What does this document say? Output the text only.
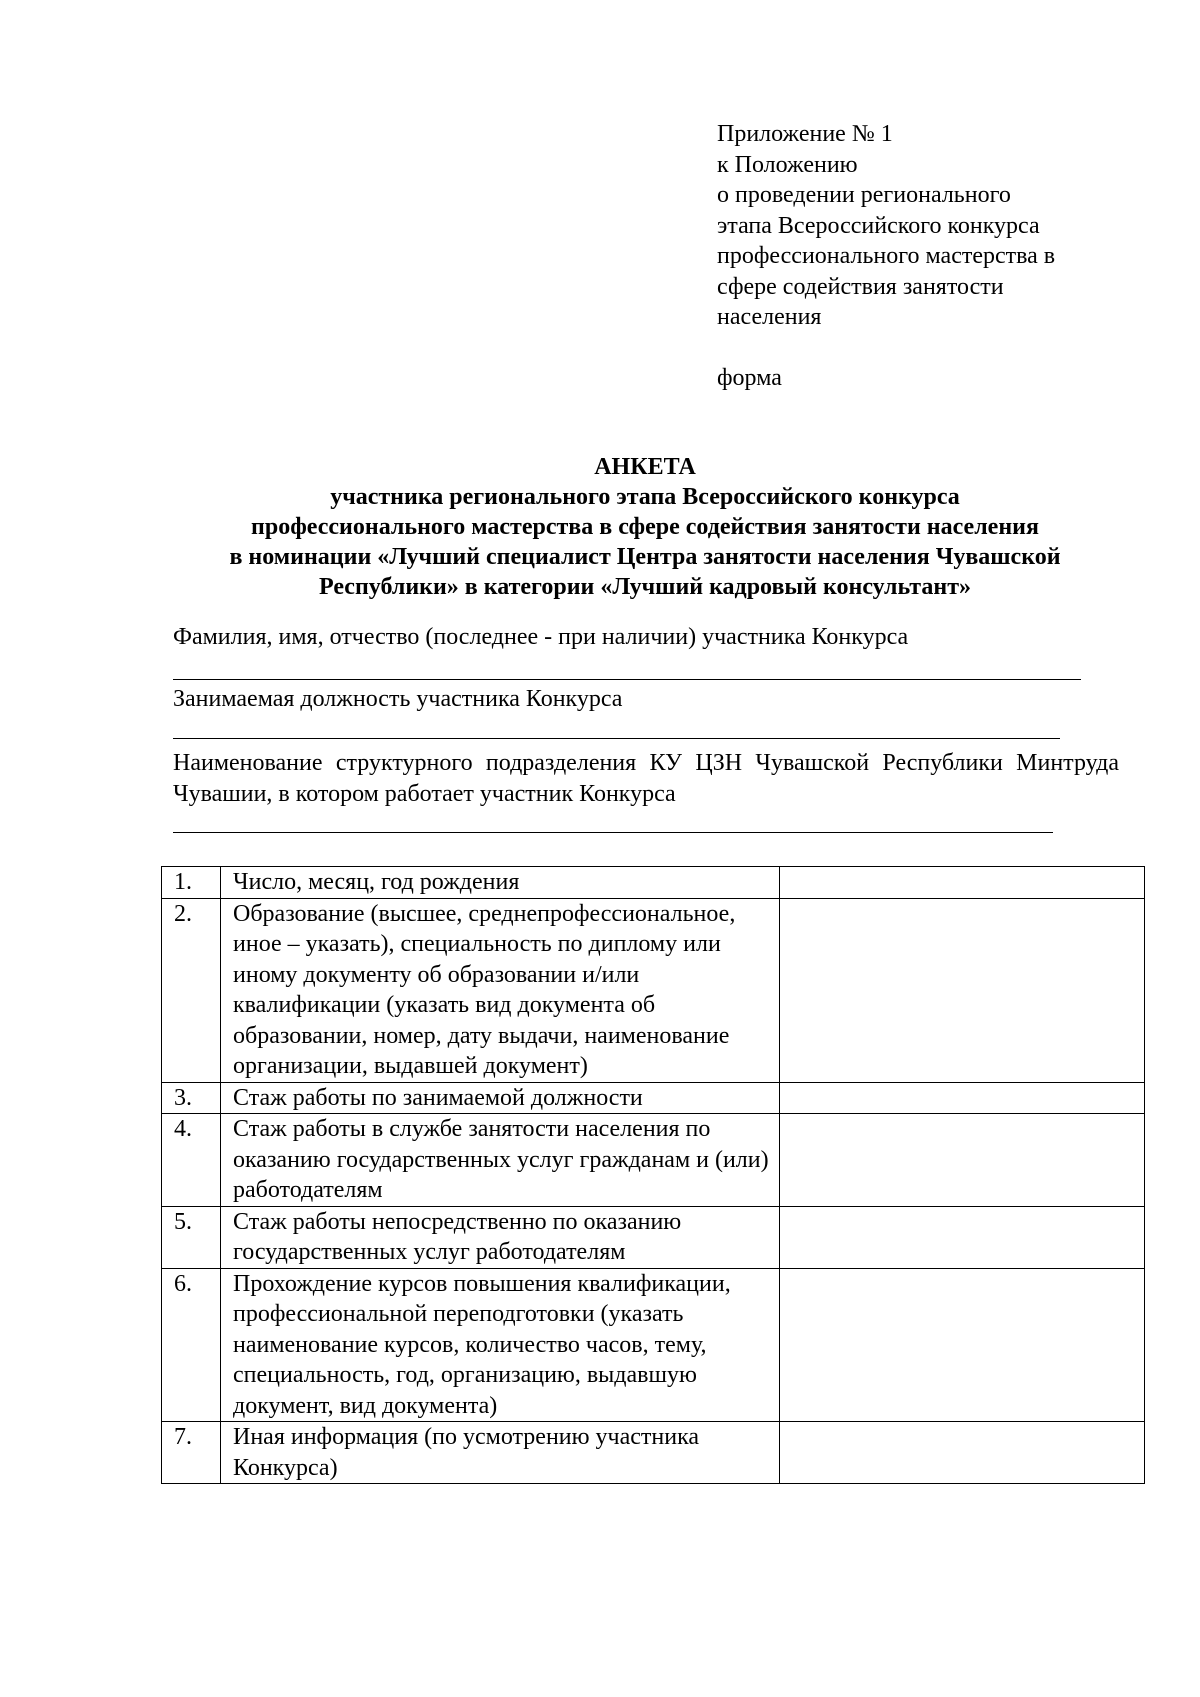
Приложение № 1
к Положению
о проведении регионального
этапа Всероссийского конкурса
профессионального мастерства в
сфере содействия занятости
населения
форма
АНКЕТА
участника регионального этапа Всероссийского конкурса
профессионального мастерства в сфере содействия занятости населения
в номинации «Лучший специалист Центра занятости населения Чувашской
Республики» в категории «Лучший кадровый консультант»
Фамилия, имя, отчество (последнее - при наличии) участника Конкурса
Занимаемая должность участника Конкурса
Наименование структурного подразделения КУ ЦЗН Чувашской Республики Минтруда Чувашии, в котором работает участник Конкурса
1.	Число, месяц, год рождения	
2.	Образование (высшее, среднепрофессиональное, иное – указать), специальность по диплому или иному документу об образовании и/или квалификации (указать вид документа об образовании, номер, дату выдачи, наименование организации, выдавшей документ)	
3.	Стаж работы по занимаемой должности	
4.	Стаж работы в службе занятости населения по оказанию государственных услуг гражданам и (или) работодателям	
5.	Стаж работы непосредственно по оказанию государственных услуг работодателям	
6.	Прохождение курсов повышения квалификации, профессиональной переподготовки (указать наименование курсов, количество часов, тему, специальность, год, организацию, выдавшую документ, вид документа)	
7.	Иная информация (по усмотрению участника Конкурса)	
